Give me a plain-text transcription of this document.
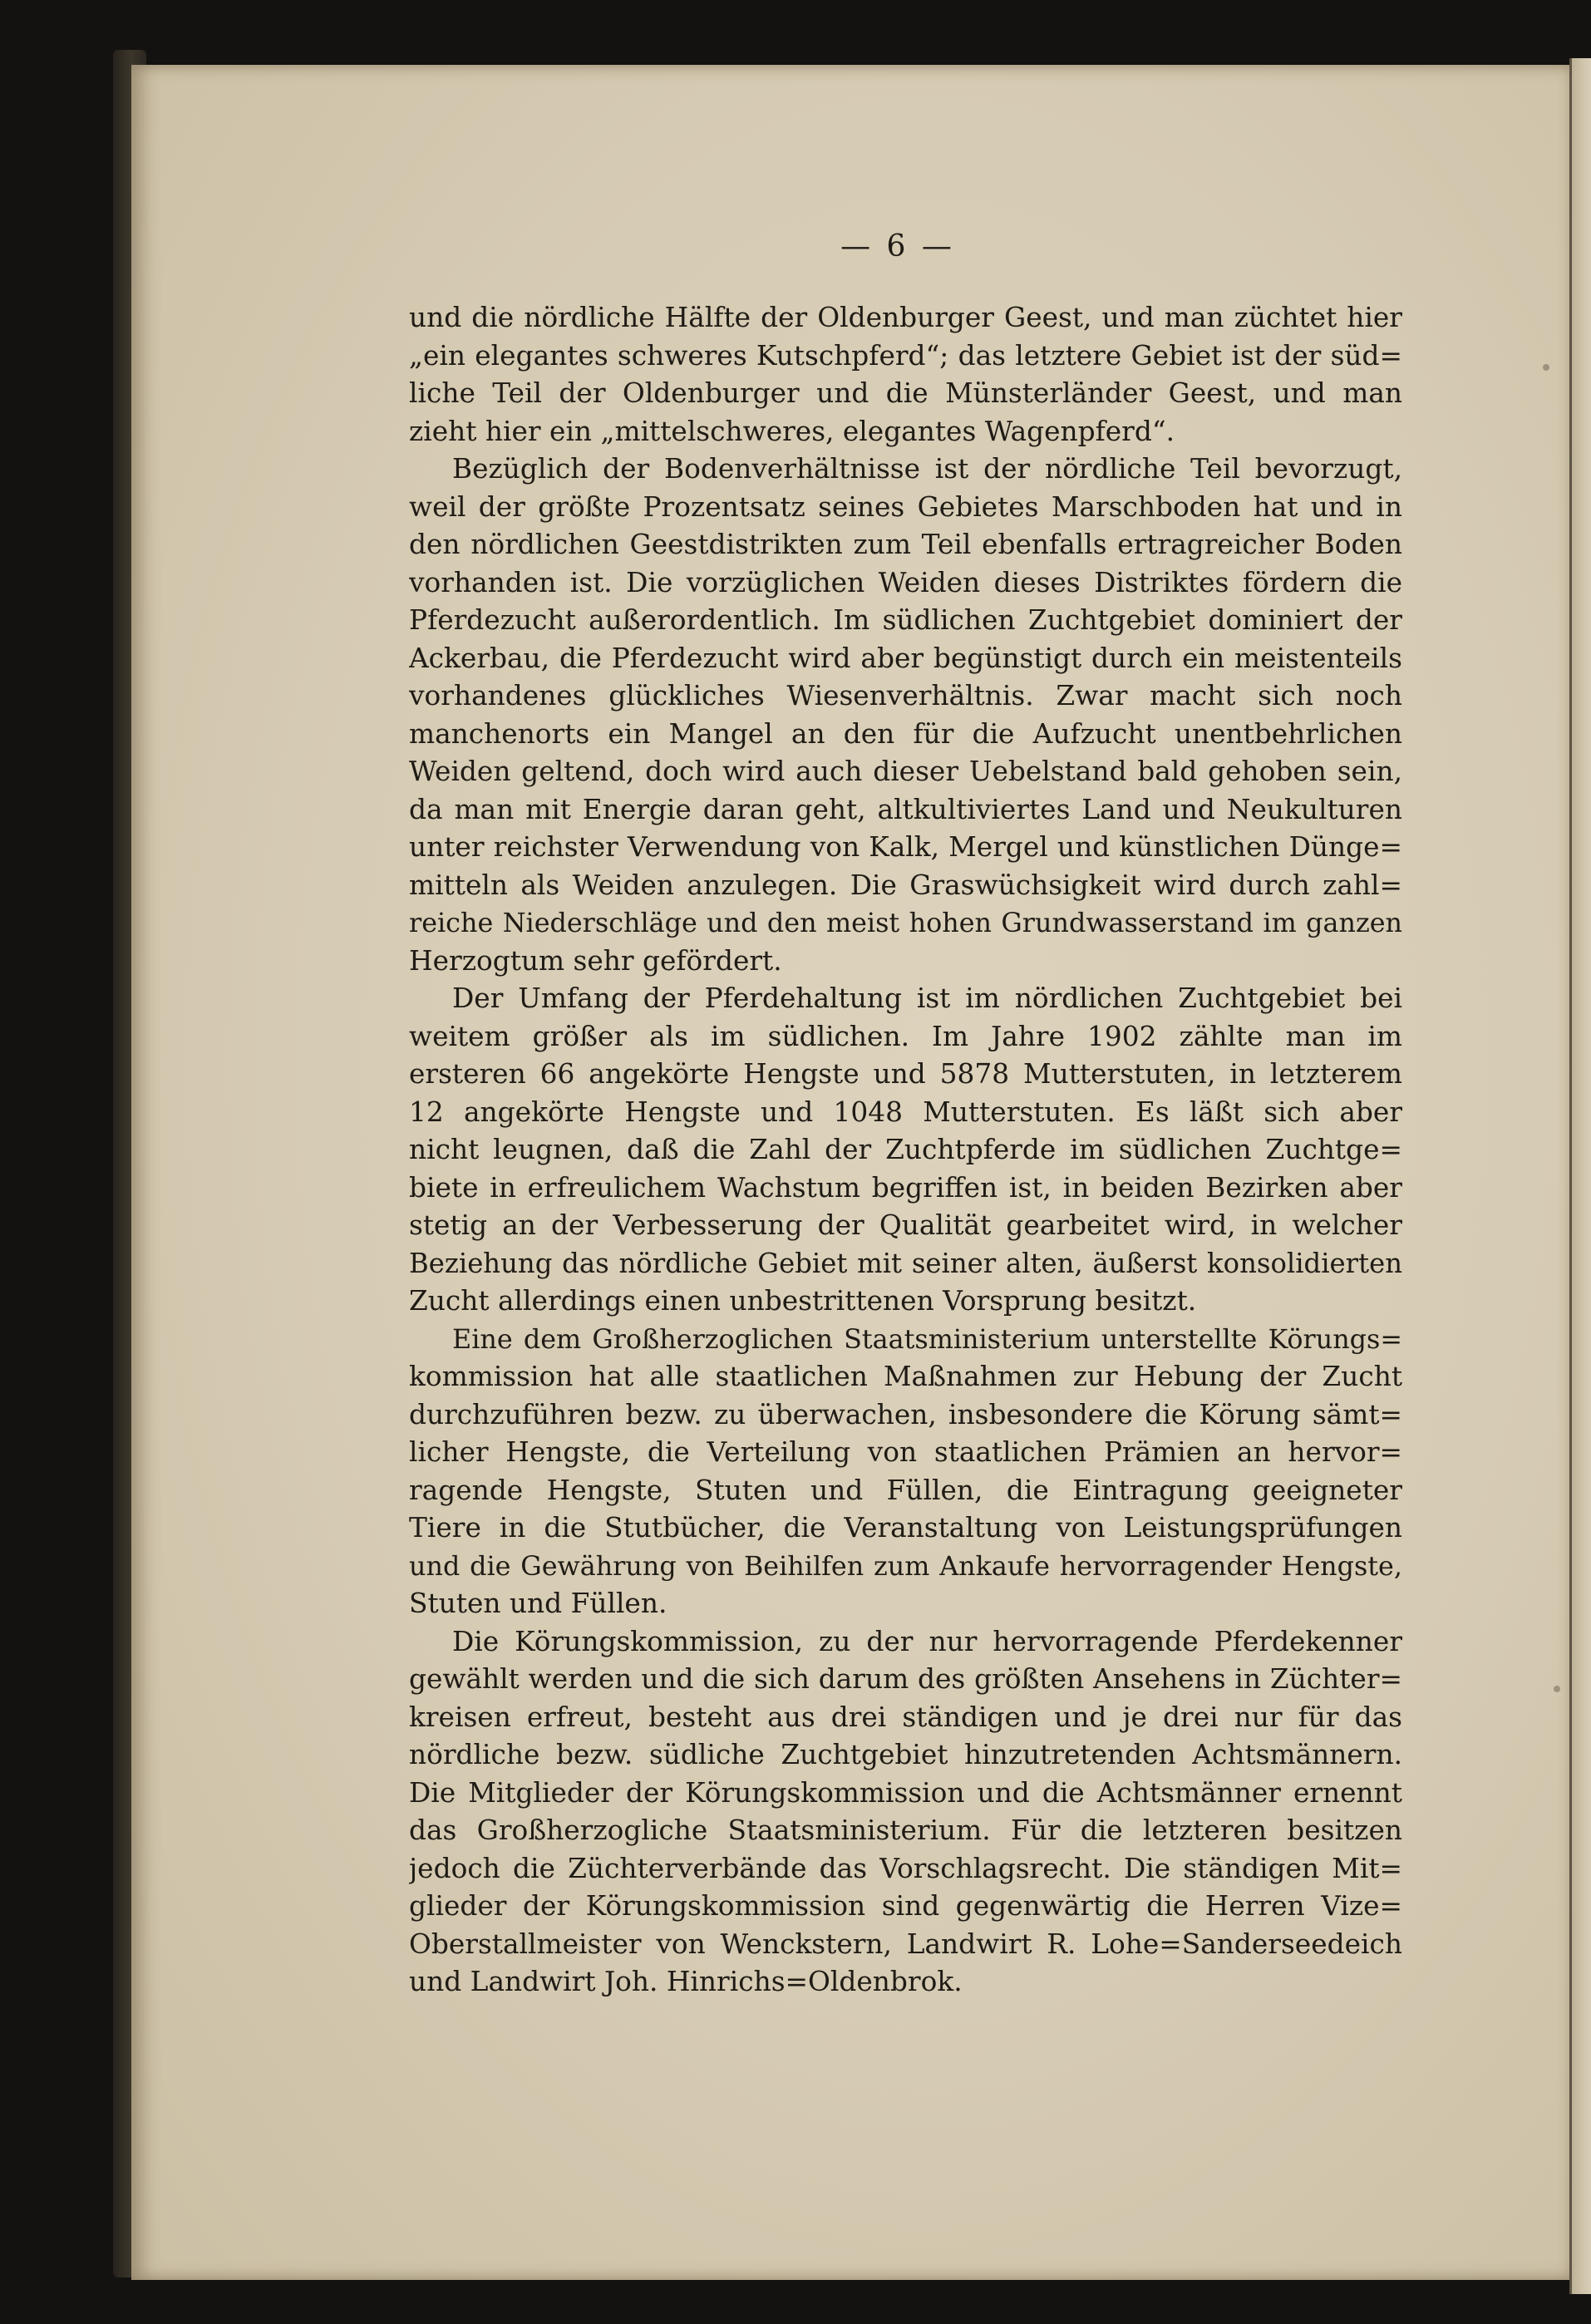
— 6 —
und die nördliche Hälfte der Oldenburger Geest, und man züchtet hier
„ein elegantes schweres Kutschpferd“; das letztere Gebiet ist der süd=
liche Teil der Oldenburger und die Münsterländer Geest, und man
zieht hier ein „mittelschweres, elegantes Wagenpferd“.
Bezüglich der Bodenverhältnisse ist der nördliche Teil bevorzugt,
weil der größte Prozentsatz seines Gebietes Marschboden hat und in
den nördlichen Geestdistrikten zum Teil ebenfalls ertragreicher Boden
vorhanden ist. Die vorzüglichen Weiden dieses Distriktes fördern die
Pferdezucht außerordentlich. Im südlichen Zuchtgebiet dominiert der
Ackerbau, die Pferdezucht wird aber begünstigt durch ein meistenteils
vorhandenes glückliches Wiesenverhältnis. Zwar macht sich noch
manchenorts ein Mangel an den für die Aufzucht unentbehrlichen
Weiden geltend, doch wird auch dieser Uebelstand bald gehoben sein,
da man mit Energie daran geht, altkultiviertes Land und Neukulturen
unter reichster Verwendung von Kalk, Mergel und künstlichen Dünge=
mitteln als Weiden anzulegen. Die Graswüchsigkeit wird durch zahl=
reiche Niederschläge und den meist hohen Grundwasserstand im ganzen
Herzogtum sehr gefördert.
Der Umfang der Pferdehaltung ist im nördlichen Zuchtgebiet bei
weitem größer als im südlichen. Im Jahre 1902 zählte man im
ersteren 66 angekörte Hengste und 5878 Mutterstuten, in letzterem
12 angekörte Hengste und 1048 Mutterstuten. Es läßt sich aber
nicht leugnen, daß die Zahl der Zuchtpferde im südlichen Zuchtge=
biete in erfreulichem Wachstum begriffen ist, in beiden Bezirken aber
stetig an der Verbesserung der Qualität gearbeitet wird, in welcher
Beziehung das nördliche Gebiet mit seiner alten, äußerst konsolidierten
Zucht allerdings einen unbestrittenen Vorsprung besitzt.
Eine dem Großherzoglichen Staatsministerium unterstellte Körungs=
kommission hat alle staatlichen Maßnahmen zur Hebung der Zucht
durchzuführen bezw. zu überwachen, insbesondere die Körung sämt=
licher Hengste, die Verteilung von staatlichen Prämien an hervor=
ragende Hengste, Stuten und Füllen, die Eintragung geeigneter
Tiere in die Stutbücher, die Veranstaltung von Leistungsprüfungen
und die Gewährung von Beihilfen zum Ankaufe hervorragender Hengste,
Stuten und Füllen.
Die Körungskommission, zu der nur hervorragende Pferdekenner
gewählt werden und die sich darum des größten Ansehens in Züchter=
kreisen erfreut, besteht aus drei ständigen und je drei nur für das
nördliche bezw. südliche Zuchtgebiet hinzutretenden Achtsmännern.
Die Mitglieder der Körungskommission und die Achtsmänner ernennt
das Großherzogliche Staatsministerium. Für die letzteren besitzen
jedoch die Züchterverbände das Vorschlagsrecht. Die ständigen Mit=
glieder der Körungskommission sind gegenwärtig die Herren Vize=
Oberstallmeister von Wenckstern, Landwirt R. Lohe=Sanderseedeich
und Landwirt Joh. Hinrichs=Oldenbrok.
